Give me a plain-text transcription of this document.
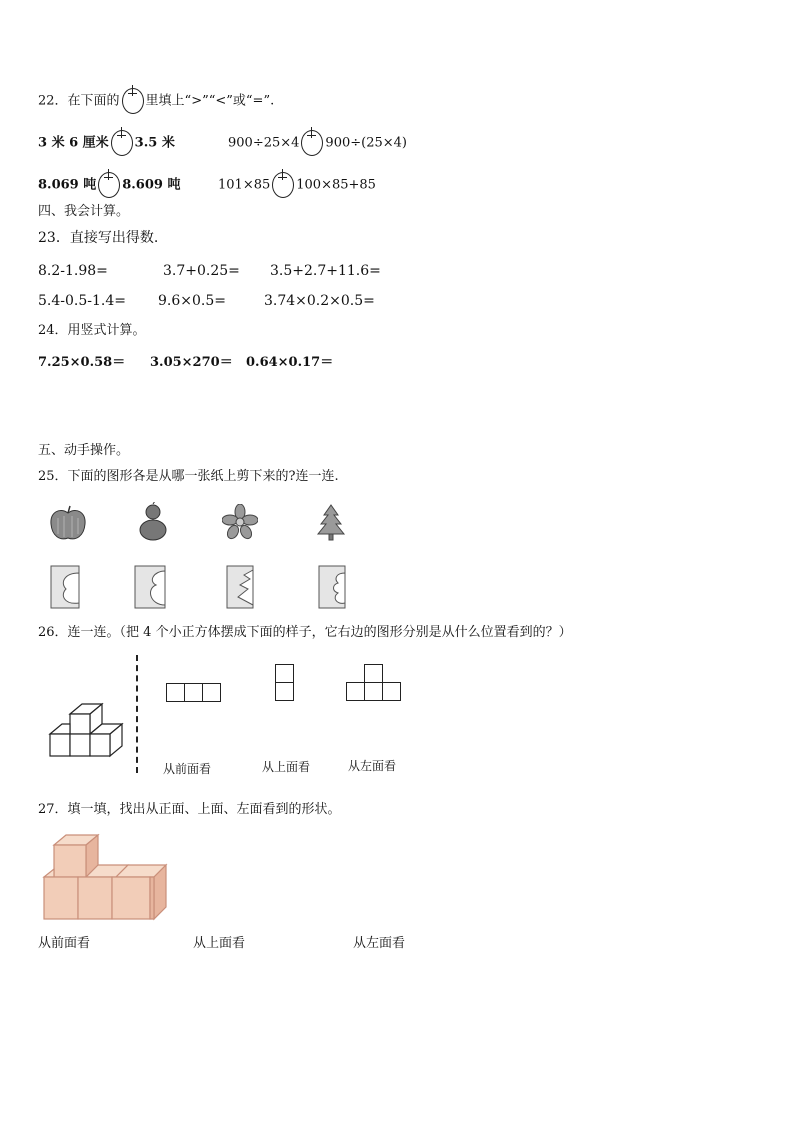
22．在下面的 里填上“>”“<”或“=”.
3 米 6 厘米 3.5 米	900÷25×4 900÷(25×4)
8.069 吨 8.609 吨	101×85 100×85+85
四、我会计算。
23．直接写出得数.
8.2-1.98=	3.7+0.25= 3.5+2.7+11.6=
5.4-0.5-1.4= 9.6×0.5=	3.74×0.2×0.5=
24．用竖式计算。
7.25×0.58＝ 3.05×270＝ 0.64×0.17＝
五、动手操作。
25．下面的图形各是从哪一张纸上剪下来的?连一连.
26．连一连。（把 4 个小正方体摆成下面的样子，它右边的图形分别是从什么位置看到的？）
从前面看	从上面看	从左面看
27．填一填，找出从正面、上面、左面看到的形状。
从前面看	从上面看	从左面看
